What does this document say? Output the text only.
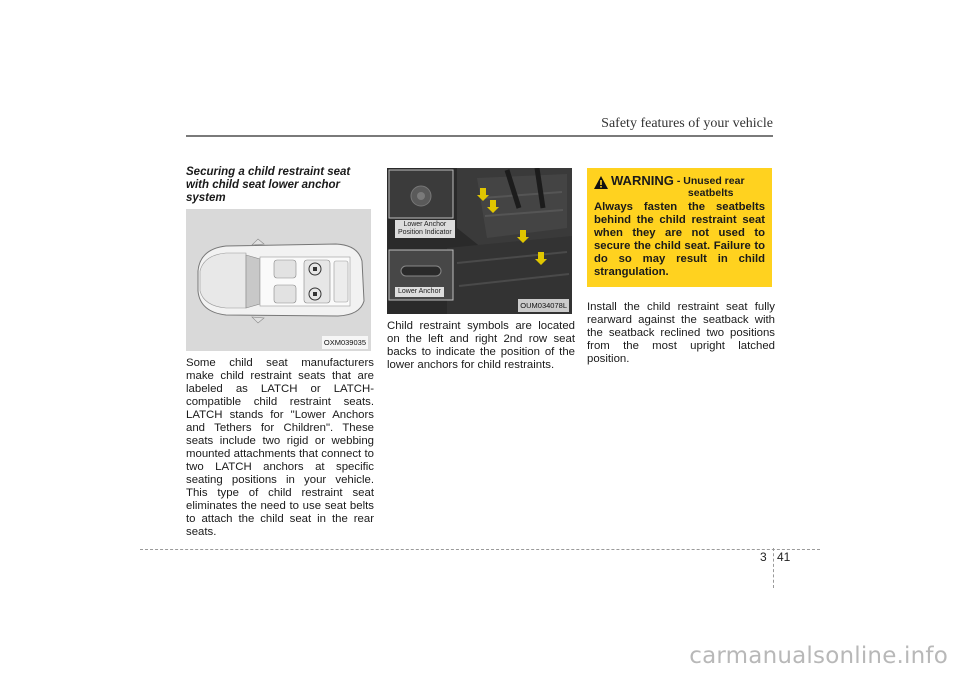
Safety features of your vehicle
Securing a child restraint seat with child seat lower anchor system
OXM039035
Some child seat manufacturers make child restraint seats that are labeled as LATCH or LATCH-compatible child restraint seats. LATCH stands for "Lower Anchors and Tethers for Children". These seats include two rigid or webbing mounted attachments that connect to two LATCH anchors at specific seating positions in your vehicle. This type of child restraint seat eliminates the need to use seat belts to attach the child seat in the rear seats.
Lower Anchor
Position Indicator
Lower Anchor
OUM034078L
Child restraint symbols are located on the left and right 2nd row seat backs to indicate the position of the lower anchors for child restraints.
WARNING - Unused rear
seatbelts
Always fasten the seatbelts behind the child restraint seat when they are not used to secure the child seat. Failure to do so may result in child strangulation.
Install the child restraint seat fully rearward against the seatback with the seatback reclined two positions from the most upright latched position.
3 41
carmanualsonline.info
